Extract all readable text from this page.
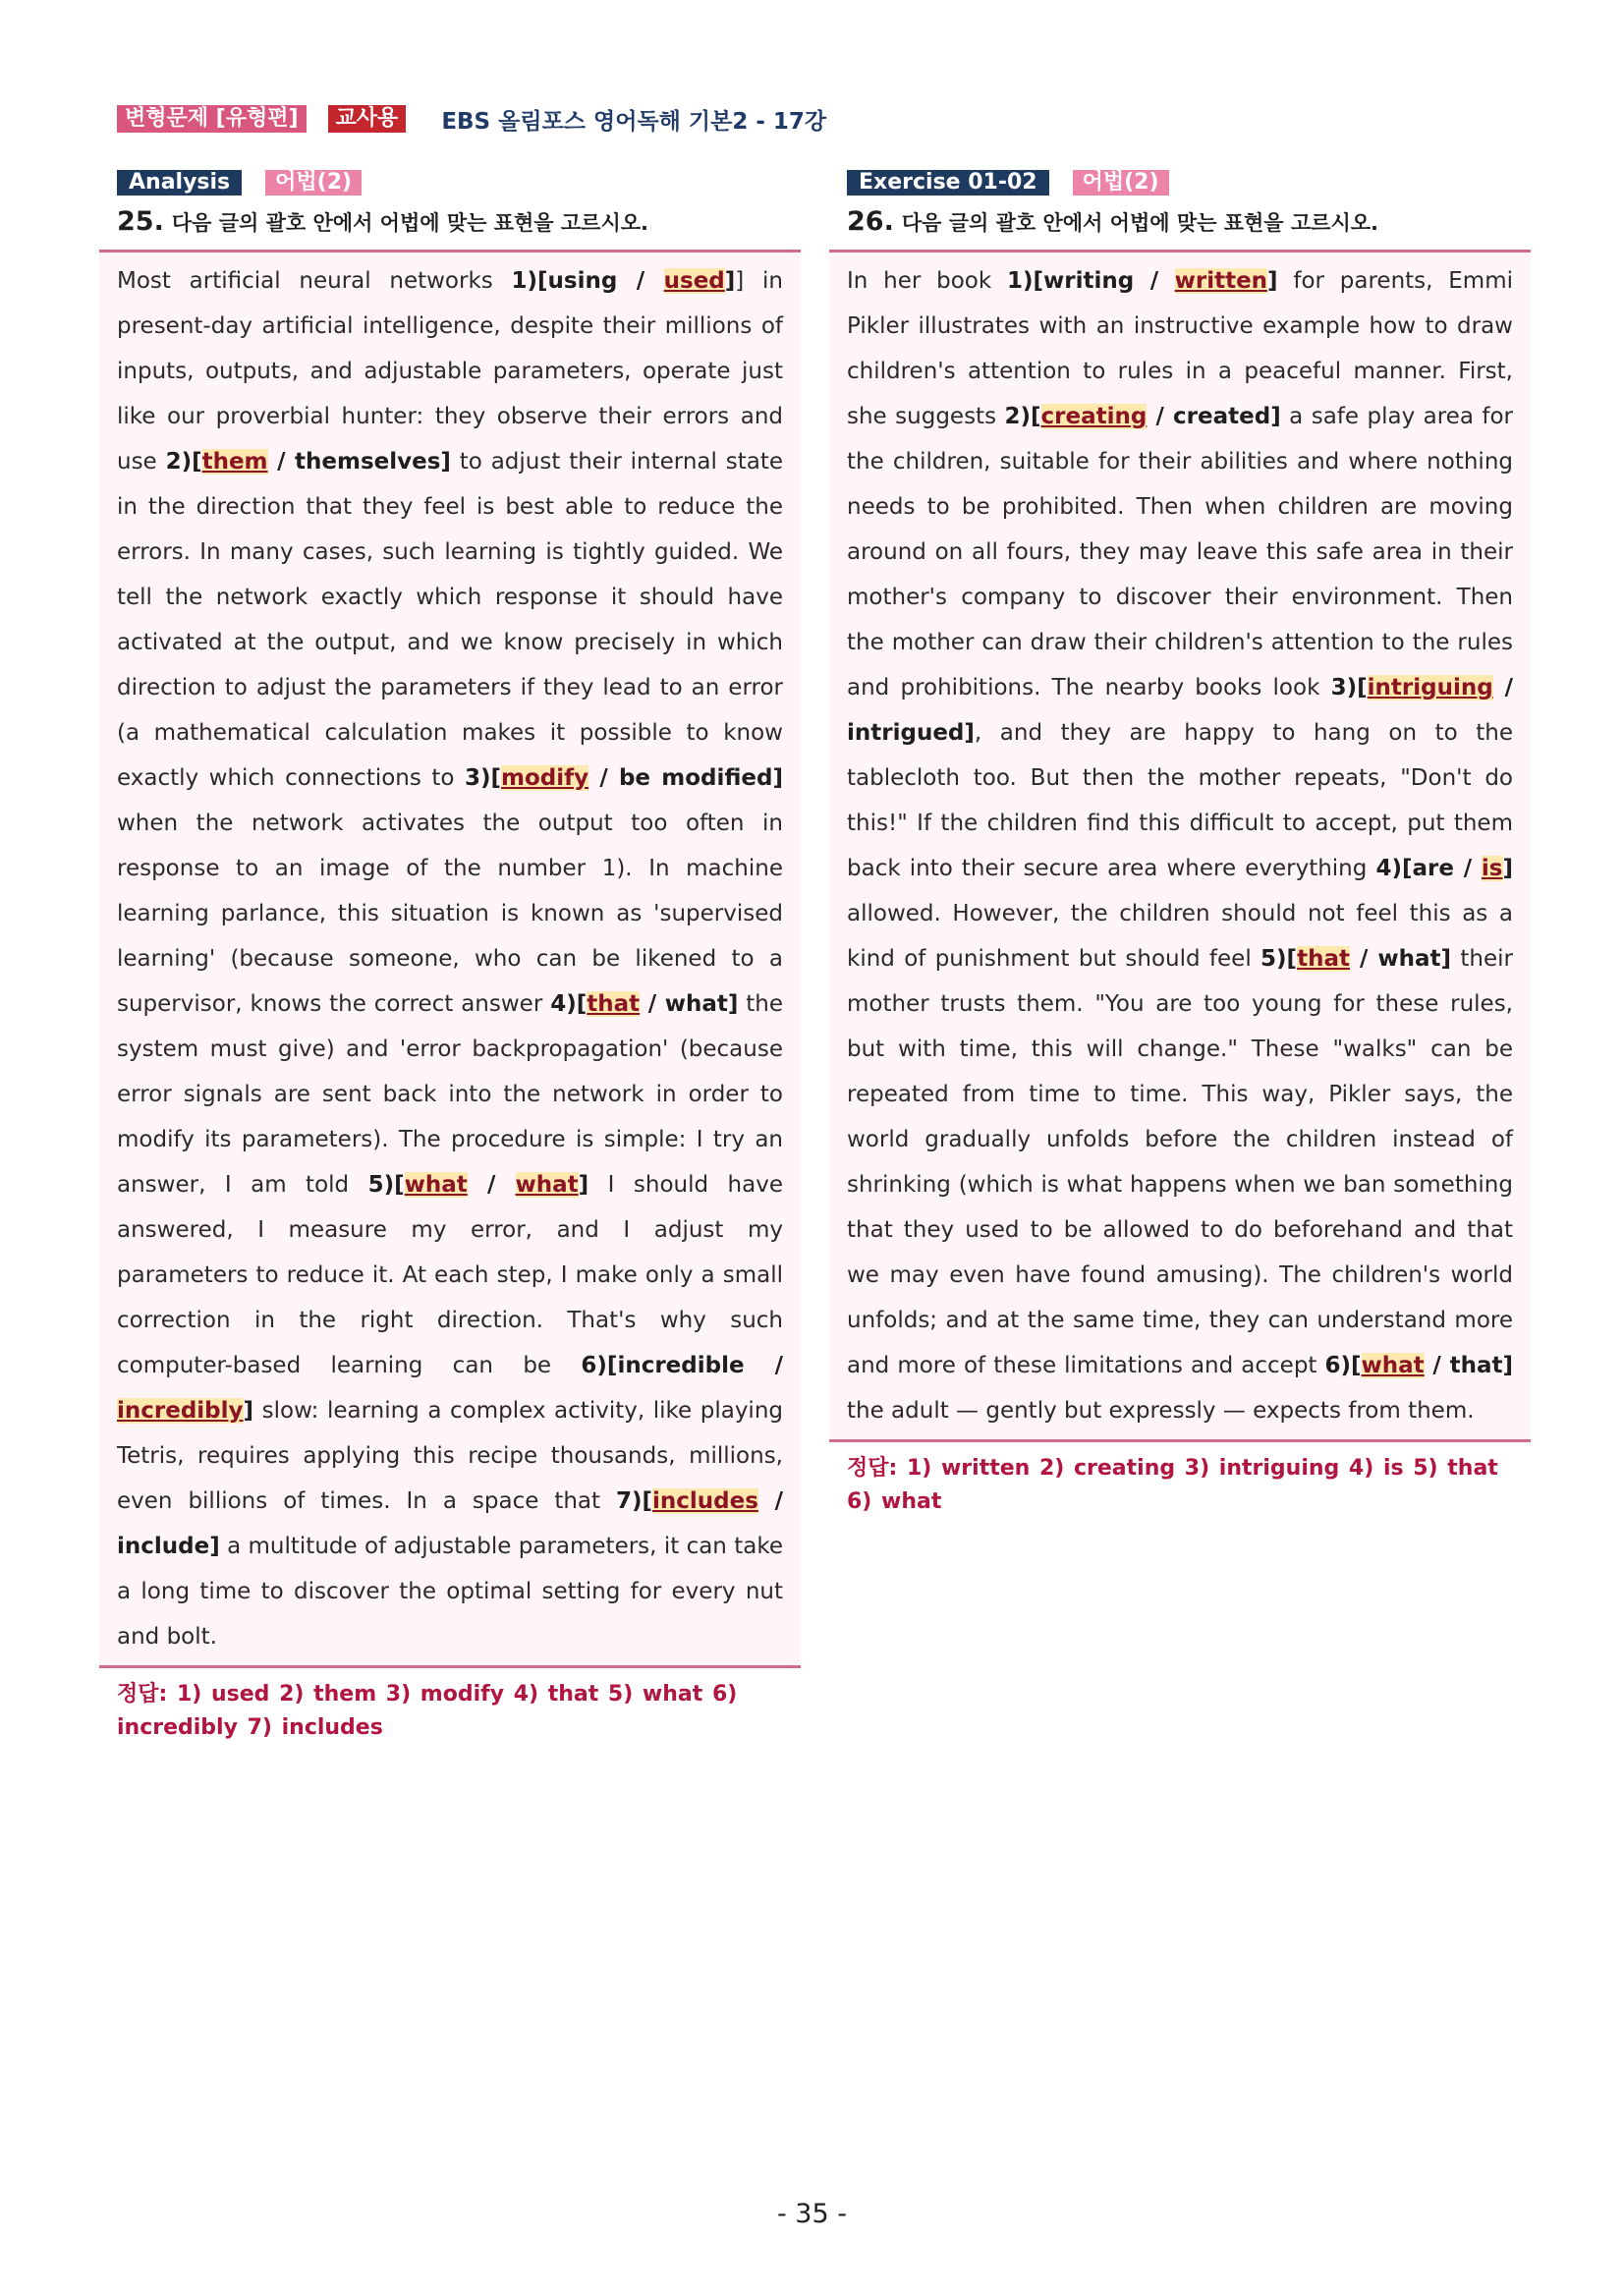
변형문제 [유형편]	교사용	EBS 올림포스 영어독해 기본2 - 17강
Analysis	어법(2)
25. 다음 글의 괄호 안에서 어법에 맞는 표현을 고르시오.
Most artificial neural networks 1)[using / used]] in present-day artificial intelligence, despite their millions of inputs, outputs, and adjustable parameters, operate just like our proverbial hunter: they observe their errors and use 2)[them / themselves] to adjust their internal state in the direction that they feel is best able to reduce the errors. In many cases, such learning is tightly guided. We tell the network exactly which response it should have activated at the output, and we know precisely in which direction to adjust the parameters if they lead to an error (a mathematical calculation makes it possible to know exactly which connections to 3)[modify / be modified] when the network activates the output too often in response to an image of the number 1). In machine learning parlance, this situation is known as 'supervised learning' (because someone, who can be likened to a supervisor, knows the correct answer 4)[that / what] the system must give) and 'error backpropagation' (because error signals are sent back into the network in order to modify its parameters). The procedure is simple: I try an answer, I am told 5)[what / what] I should have answered, I measure my error, and I adjust my parameters to reduce it. At each step, I make only a small correction in the right direction. That's why such computer-based learning can be 6)[incredible / incredibly] slow: learning a complex activity, like playing Tetris, requires applying this recipe thousands, millions, even billions of times. In a space that 7)[includes / include] a multitude of adjustable parameters, it can take a long time to discover the optimal setting for every nut and bolt.
정답: 1) used 2) them 3) modify 4) that 5) what 6) incredibly 7) includes
Exercise 01-02	어법(2)
26. 다음 글의 괄호 안에서 어법에 맞는 표현을 고르시오.
In her book 1)[writing / written] for parents, Emmi Pikler illustrates with an instructive example how to draw children's attention to rules in a peaceful manner. First, she suggests 2)[creating / created] a safe play area for the children, suitable for their abilities and where nothing needs to be prohibited. Then when children are moving around on all fours, they may leave this safe area in their mother's company to discover their environment. Then the mother can draw their children's attention to the rules and prohibitions. The nearby books look 3)[intriguing / intrigued], and they are happy to hang on to the tablecloth too. But then the mother repeats, "Don't do this!" If the children find this difficult to accept, put them back into their secure area where everything 4)[are / is] allowed. However, the children should not feel this as a kind of punishment but should feel 5)[that / what] their mother trusts them. "You are too young for these rules, but with time, this will change." These "walks" can be repeated from time to time. This way, Pikler says, the world gradually unfolds before the children instead of shrinking (which is what happens when we ban something that they used to be allowed to do beforehand and that we may even have found amusing). The children's world unfolds; and at the same time, they can understand more and more of these limitations and accept 6)[what / that] the adult — gently but expressly — expects from them.
정답: 1) written 2) creating 3) intriguing 4) is 5) that 6) what
- 35 -
